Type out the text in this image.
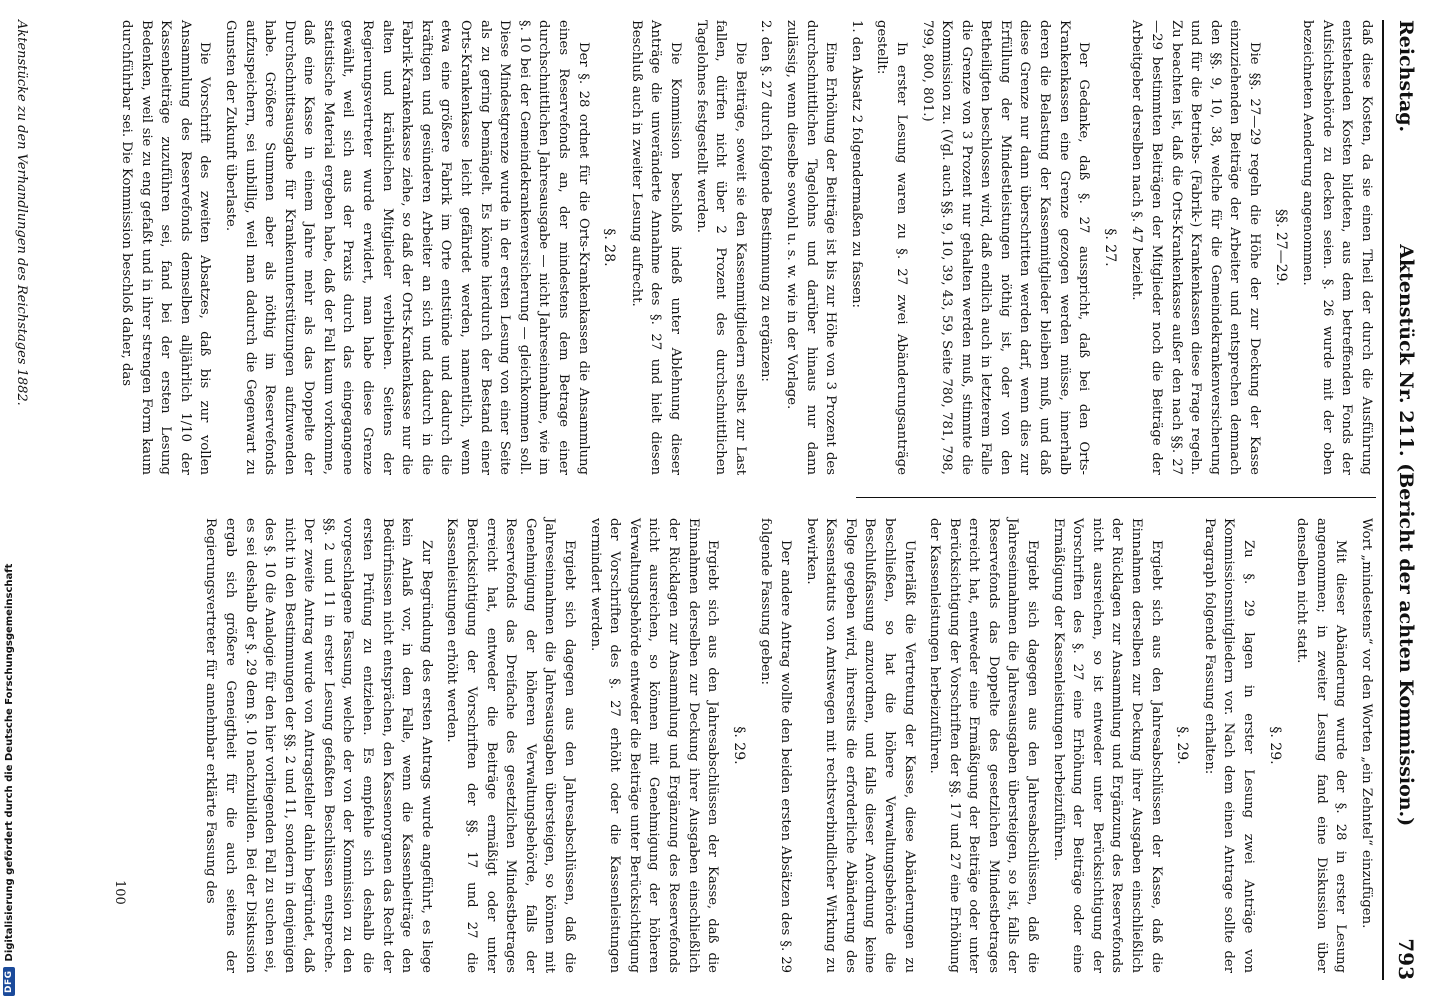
Reichstag.
Aktenstück Nr. 211. (Bericht der achten Kommission.)
793

daß diese Kosten, da sie einen Theil der durch die Ausführung entstehenden Kosten bildeten, aus dem betreffenden Fonds der Aufsichtsbehörde zu decken seien. §. 26 wurde mit der oben bezeichneten Aenderung angenommen.

§§. 27—29.

Die §§. 27—29 regeln die Höhe der zur Deckung der Kasse einzuziehenden Beiträge der Arbeiter und entsprechen demnach den §§. 9, 10, 38, welche für die Gemeindekrankenversicherung und für die Betriebs- (Fabrik-) Krankenkassen diese Frage regeln. Zu beachten ist, daß die Orts-Krankenkasse außer den nach §§. 27—29 bestimmten Beiträgen der Mitglieder noch die Beiträge der Arbeitgeber derselben nach §. 47 bezieht.

§. 27.

Der Gedanke, daß §. 27 ausspricht, daß bei den Orts-Krankenkassen eine Grenze gezogen werden müsse, innerhalb deren die Belastung der Kassenmitglieder bleiben muß, und daß diese Grenze nur dann überschritten werden darf, wenn dies zur Erfüllung der Mindestleistungen nöthig ist, oder von den Betheiligten beschlossen wird, daß endlich auch in letzterem Falle die Grenze von 3 Prozent nur gehalten werden muß, stimmte die Kommission zu. (Vgl. auch §§. 9, 10, 39, 43, 59, Seite 780, 781, 798, 799, 800, 801.)

In erster Lesung waren zu §. 27 zwei Abänderungsanträge gestellt:

1. den Absatz 2 folgendermaßen zu fassen:

Eine Erhöhung der Beiträge ist bis zur Höhe von 3 Prozent des durchschnittlichen Tagelohns und darüber hinaus nur dann zulässig, wenn dieselbe sowohl u. s. w. wie in der Vorlage.

2. den §. 27 durch folgende Bestimmung zu ergänzen:

Die Beiträge, soweit sie den Kassenmitgliedern selbst zur Last fallen, dürfen nicht über 2 Prozent des durchschnittlichen Tagelohnes festgestellt werden.

Die Kommission beschloß indeß unter Ablehnung dieser Anträge die unveränderte Annahme des §. 27 und hielt diesen Beschluß auch in zweiter Lesung aufrecht.

§. 28.

Der §. 28 ordnet für die Orts-Krankenkassen die Ansammlung eines Reservefonds an, der mindestens dem Betrage einer durchschnittlichen Jahresausgabe — nicht Jahreseinnahme, wie im §. 10 bei der Gemeindekrankenversicherung — gleichkommen soll. Diese Mindestgrenze wurde in der ersten Lesung von einer Seite als zu gering bemängelt. Es könne hierdurch der Bestand einer Orts-Krankenkasse leicht gefährdet werden, namentlich, wenn etwa eine größere Fabrik im Orte entstünde und dadurch die kräftigen und gesünderen Arbeiter an sich und dadurch in die Fabrik-Krankenkasse ziehe, so daß der Orts-Krankenkasse nur die alten und kränklichen Mitglieder verblieben. Seitens der Regierungsvertreter wurde erwidert, man habe diese Grenze gewählt, weil sich aus der Praxis durch das eingegangene statistische Material ergeben habe, daß der Fall kaum vorkomme, daß eine Kasse in einem Jahre mehr als das Doppelte der Durchschnittsausgabe für Krankenunterstützungen aufzuwenden habe. Größere Summen aber als nöthig im Reservefonds aufzuspeichern, sei unbillig, weil man dadurch die Gegenwart zu Gunsten der Zukunft überlaste.

Die Vorschrift des zweiten Absatzes, daß bis zur vollen Ansammlung des Reservefonds demselben alljährlich 1/10 der Kassenbeiträge zuzuführen sei, fand bei der ersten Lesung Bedenken, weil sie zu eng gefaßt und in ihrer strengen Form kaum durchführbar sei. Die Kommission beschloß daher, das

Wort „mindestens“ vor den Worten „ein Zehntel“ einzufügen.

Mit dieser Abänderung wurde der §. 28 in erster Lesung angenommen; in zweiter Lesung fand eine Diskussion über denselben nicht statt.

§. 29.

Zu §. 29 lagen in erster Lesung zwei Anträge von Kommissionsmitgliedern vor. Nach dem einen Antrage sollte der Paragraph folgende Fassung erhalten:

§. 29.

Ergiebt sich aus den Jahresabschlüssen der Kasse, daß die Einnahmen derselben zur Deckung ihrer Ausgaben einschließlich der Rücklagen zur Ansammlung und Ergänzung des Reservefonds nicht ausreichen, so ist entweder unter Berücksichtigung der Vorschriften des §. 27 eine Erhöhung der Beiträge oder eine Ermäßigung der Kassenleistungen herbeizuführen.

Ergiebt sich dagegen aus den Jahresabschlüssen, daß die Jahreseinnahmen die Jahresausgaben übersteigen, so ist, falls der Reservefonds das Doppelte des gesetzlichen Mindestbetrages erreicht hat, entweder eine Ermäßigung der Beiträge oder unter Berücksichtigung der Vorschriften der §§. 17 und 27 eine Erhöhung der Kassenleistungen herbeizuführen.

Unterläßt die Vertretung der Kasse, diese Abänderungen zu beschließen, so hat die höhere Verwaltungsbehörde die Beschlußfassung anzuordnen, und falls dieser Anordnung keine Folge gegeben wird, ihrerseits die erforderliche Abänderung des Kassenstatuts von Amtswegen mit rechtsverbindlicher Wirkung zu bewirken.

Der andere Antrag wollte den beiden ersten Absätzen des §. 29 folgende Fassung geben:

§. 29.

Ergiebt sich aus den Jahresabschlüssen der Kasse, daß die Einnahmen derselben zur Deckung ihrer Ausgaben einschließlich der Rücklagen zur Ansammlung und Ergänzung des Reservefonds nicht ausreichen, so können mit Genehmigung der höheren Verwaltungsbehörde entweder die Beiträge unter Berücksichtigung der Vorschriften des §. 27 erhöht oder die Kassenleistungen vermindert werden.

Ergiebt sich dagegen aus den Jahresabschlüssen, daß die Jahreseinnahmen die Jahresausgaben übersteigen, so können mit Genehmigung der höheren Verwaltungsbehörde, falls der Reservefonds das Dreifache des gesetzlichen Mindestbetrages erreicht hat, entweder die Beiträge ermäßigt oder unter Berücksichtigung der Vorschriften der §§. 17 und 27 die Kassenleistungen erhöht werden.

Zur Begründung des ersten Antrags wurde angeführt, es liege kein Anlaß vor, in dem Falle, wenn die Kassenbeiträge den Bedürfnissen nicht entsprächen, den Kassenorganen das Recht der ersten Prüfung zu entziehen. Es empfehle sich deshalb die vorgeschlagene Fassung, welche der von der Kommission zu den §§. 2 und 11 in erster Lesung gefaßten Beschlüssen entspreche. Der zweite Antrag wurde von Antragsteller dahin begründet, daß nicht in den Bestimmungen der §§. 2 und 11, sondern in denjenigen des §. 10 die Analogie für den hier vorliegenden Fall zu suchen sei, es sei deshalb der §. 29 dem §. 10 nachzubilden. Bei der Diskussion ergab sich größere Geneigtheit für die auch seitens der Regierungsvertreter für annehmbar erklärte Fassung des

100
Aktenstücke zu den Verhandlungen des Reichstages 1882.
DFG
Digitalisierung gefördert durch die Deutsche Forschungsgemeinschaft
